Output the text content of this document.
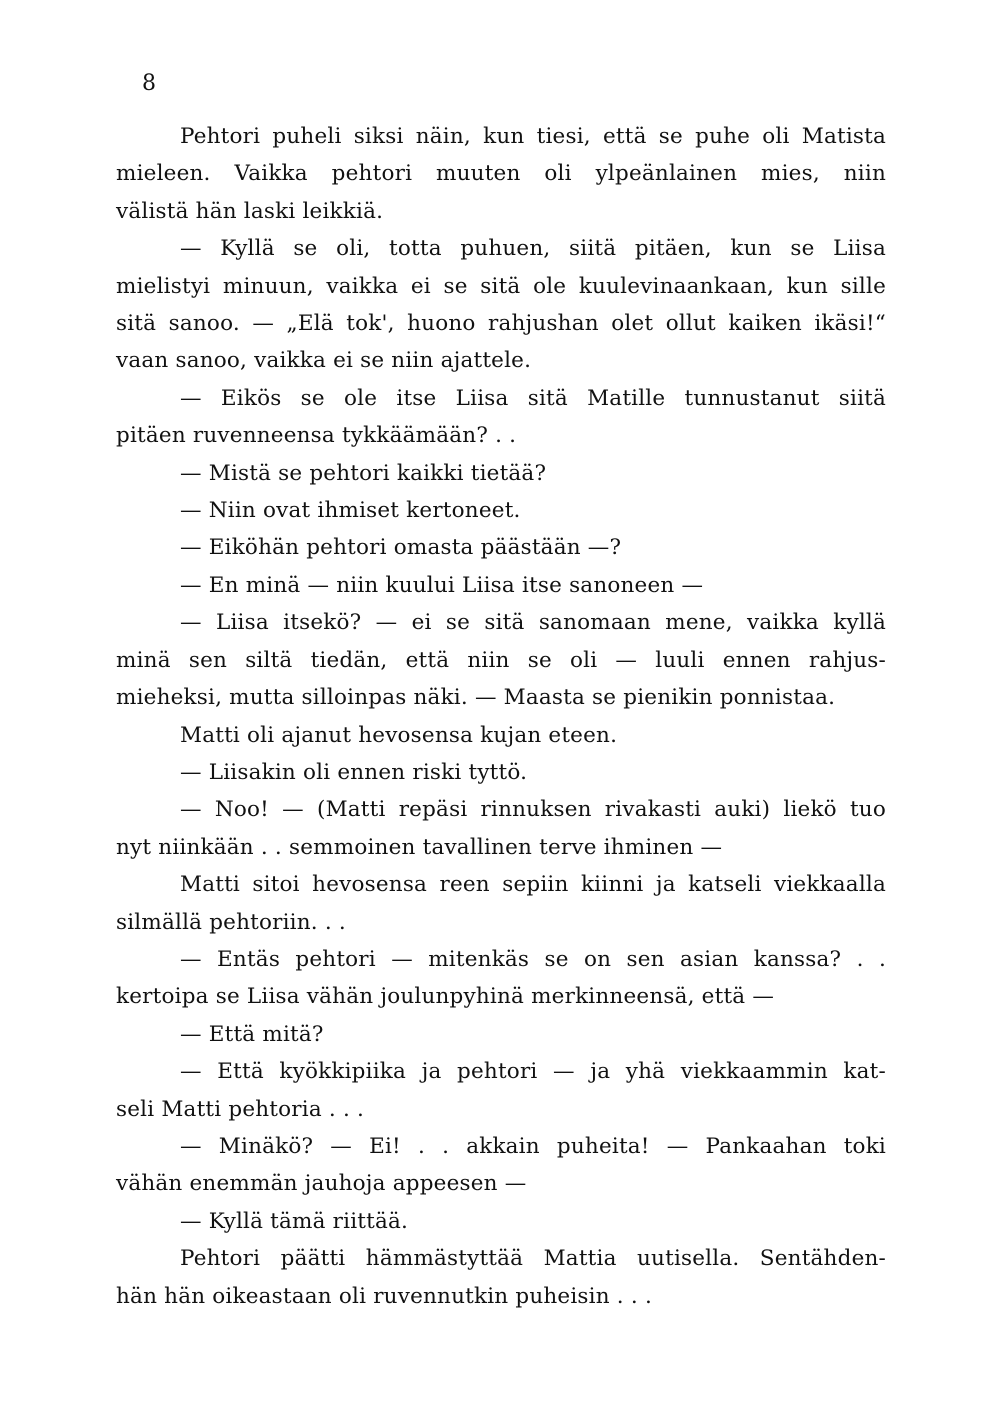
8
Pehtori puheli siksi näin, kun tiesi, että se puhe oli Matista
mieleen. Vaikka pehtori muuten oli ylpeänlainen mies, niin
välistä hän laski leikkiä.
— Kyllä se oli, totta puhuen, siitä pitäen, kun se Liisa
mielistyi minuun, vaikka ei se sitä ole kuulevinaankaan, kun sille
sitä sanoo. — „Elä tok', huono rahjushan olet ollut kaiken ikäsi!“
vaan sanoo, vaikka ei se niin ajattele.
— Eikös se ole itse Liisa sitä Matille tunnustanut siitä
pitäen ruvenneensa tykkäämään? . .
— Mistä se pehtori kaikki tietää?
— Niin ovat ihmiset kertoneet.
— Eiköhän pehtori omasta päästään —?
— En minä — niin kuului Liisa itse sanoneen —
— Liisa itsekö? — ei se sitä sanomaan mene, vaikka kyllä
minä sen siltä tiedän, että niin se oli — luuli ennen rahjus-
mieheksi, mutta silloinpas näki. — Maasta se pienikin ponnistaa.
Matti oli ajanut hevosensa kujan eteen.
— Liisakin oli ennen riski tyttö.
— Noo! — (Matti repäsi rinnuksen rivakasti auki) liekö tuo
nyt niinkään . . semmoinen tavallinen terve ihminen —
Matti sitoi hevosensa reen sepiin kiinni ja katseli viekkaalla
silmällä pehtoriin. . .
— Entäs pehtori — mitenkäs se on sen asian kanssa? . .
kertoipa se Liisa vähän joulunpyhinä merkinneensä, että —
— Että mitä?
— Että kyökkipiika ja pehtori — ja yhä viekkaammin kat-
seli Matti pehtoria . . .
— Minäkö? — Ei! . . akkain puheita! — Pankaahan toki
vähän enemmän jauhoja appeesen —
— Kyllä tämä riittää.
Pehtori päätti hämmästyttää Mattia uutisella. Sentähden-
hän hän oikeastaan oli ruvennutkin puheisin . . .
